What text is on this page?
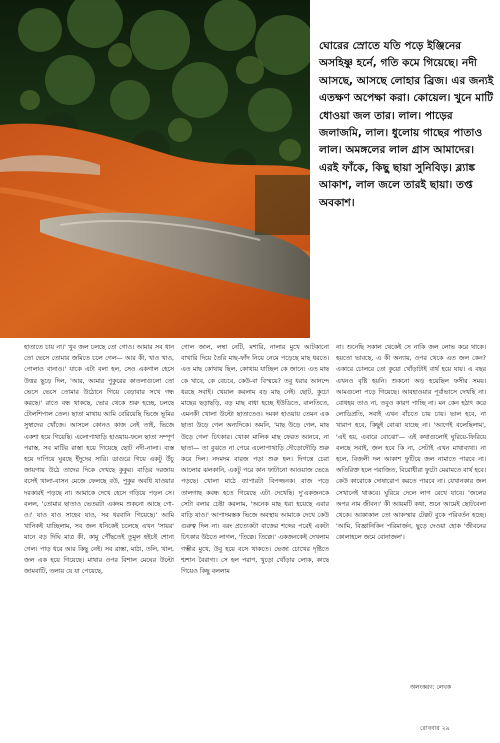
ঘোরের স্রোতে যতি পড়ে ইঞ্জিনের অসহিষ্ণু হর্নে, গতি কমে গিয়েছে। নদী আসছে, আসছে লোহার ব্রিজ। এর জন্যই এতক্ষণ অপেক্ষা করা। কোয়েল। খুনে মাটি ধোওয়া জল তার। লাল। পাড়ের জলাজমি, লাল। ধুলোয় গাছের পাতাও লাল। অমঙ্গলের লাল গ্রাস আমাদের। এরই ফাঁকে, কিছু ছায়া সুনিবিড়। ব্ল্যাঙ্ক আকাশ, লাল জলে তারই ছায়া। তপ্ত অবকাশ।
হাতাতে চায় না।' খুব জল চলছে তো গোও। আমার সব ধান তো ভেসে তোমার জমিতে চলে গেল— আর কী, খাও খাও, পোলাও বানাও।' যাকে এটা বলা হল, সেও একগাল হেসে উত্তর ছুড়ে দিল, 'আর, আমার পুকুরের কাতলাগুলো তো ভেসে ভেসে তোমার উঠোনে গিয়ে বেড়াবার সখে গন্ধ করছে।' রাতে বন্ধ থাকছে, ভোর থেকে শুরু হচ্ছে, চলছে টোলশিপাল তেল। ছাতা মাথায় আমি বেরিয়েছি ভিজে ভূমির সুস্বাদের খোঁজে। আসলে কোনও কাজ নেই তাই, ভিজে একশা হয়ে গিয়েছি। এলোপাথাড়ি হাওয়ায়-ফলে ছাতা সম্পূর্ণ পরাস্ত, সব মাটির রাস্তা হয়ে গিয়েছে ছোট নদী-নালা। ব্যস্ত হয়ে দাপিয়ে ঘুরছে ইঁদুদের সারি। ডাগুরে গিয়ে একটু উঁচু জায়গায় উঠে তাদের দিকে দেখছে কুকুর। বাড়ির দরজায় বসেই খালা-বাসন মেজে ফেলছে বউ, পুকুর অবধি যাওয়ার দরকারই পড়ছে না। আমাকে দেখে হেসে গড়িয়ে পড়ল সে। বলল, 'তোমার ছাতাও ভেতরটা একদম শুকনো আছে গো-ও।' যাও যাও সাহেব যাও, সব ধরবানি গিয়েছে।' আমি খানিকই যাচ্ছিলাম, সব জল ধনিকেই চলেছে এখন 'সায়র' মানে বড় দিঘি মাত্র কী, কামু পৌঁছতেই তুমুল হইচই শোনা গেল। পাড় ধরে আর কিছু নেই। সব রাস্তা, মাঠা, তলি, খাল, জল এক হয়ে গিয়েছে। মাথার ওপর বিশাল মেঘের উল্টো জামবাটি, তলায় যে যা পেয়েছে,
গোল জাল, লম্বা নেটি, মশারি, নালার মুখে আটকানো বাখারি দিয়ে তৈরি মাছ-ফাঁদ নিয়ে নেমে পড়েছে মাছ ধরতে। এত মাছ কোথায় ছিল, কোথায় যাচ্ছিল কে জানে। এত মাছ কে খাবে, কে বেচবে, কেউ-বা বিস্ময়ে? তবু ধরার আনন্দে ধরছে সবাই। খেয়াল করলাম বড় মাছ নেই। ছোট, কুচো মাছের ছড়াছড়ি, বড় মাছ বাধা হচ্ছে ইউডিতে, বালতিতে, এমনকী খোলা উল্টো ছাতাতেও। দমকা হাওয়ায় তেমন এক ছাতা উড়ে গেল অন্যদিকে। অমনি, 'মাছ উড়ে গেল, মাছ উড়ে গেল' চিৎকার। খোকা মালিক মাছ ফেরত আনবে, না ছাতা— তা বুঝতে না পেরে এলোপাথাড়ি দৌড়োদৌড়ি শুরু করে দিল। নদমদম বারজ পড়া শুরু হল। দিগন্তে চেরা আলোর ঝলকানি, একটু পরে কান ফাটানো আওয়াজ ভেঙে পড়ছে। খোলা মাঠে ব্যাপারটা বিপজ্জনক। বাজ পড়ে তালগাছ কবন্ধ হতে গিয়েছে এটা দেখেছি। দু'একজনকে সেটা বলার চেষ্টা করলাম, 'অনেক মাছ ধরা হয়েছে এবার বাড়ি যাও।' আপাদমস্তক ভিজে অবস্থায় আমাকে দেখে কেউ গুরুত্ব দিল না। বরং প্রত্যেকটা বাজের শব্দের পরেই একটা চিৎকার উঠতে লাগল, 'তিক্কে। তিক্কে।' একজনকেই দেখলাম গম্ভীর মুখে, উবু হয়ে বসে থাকতে। ভেজা চোখের দৃষ্টিতে শ্মশান বৈরাগ্য। সে হল পরাণ, খুড়ো খোঁড়ার লোক, কাছে গিয়েও কিছু বললাম
না। শুনেছি সকাল থেকেই সে নাকি জল লোভ করে থাকে। হয়তো ভাবছে, এ কী অন্যায়, ওপর থেকে এত জল কেন? একারে চোলরে তো কুয়ো খোঁড়াটাই বার্থ হয়ে যায়। এ বছর এখনও বৃষ্টি হয়নি। শুকনো অড় হয়েছিল ফসীর সময়। আমগুলো পড়ে গিয়েছে। আবহাওয়ার পূর্বাভাসে দেখছি না। বোধহয় তাও না, তবুও কারণ পাচ্ছি না। মন কেন হঠাৎ করে লোডিপ্রতি, সবাই এখন বাঁচতে চায় চায়। ভাল হবে, না খারাপ হবে, কিছুই বোঝা যাচ্ছে না। 'আগেই বলেছিলাম', 'এই হয়, এবারে বোঝো'— এই কথাগুলোই ঘুরিয়ে-ফিরিয়ে বলছে সবাই, জল হবে কি না, সেটাই এখন মাথাব্যথা। না হলে, বিজলী দল আকাশ ফুটিয়ে জল নামাতে পারবে না। অতিরিক্ত হলে পরাজিত, বিরোধীরা ফুটো মেরামতে বার্থ হবে। কেউ কারোকে দোষারোপ করতে পারবে না। যেখানকার জল সেখানেই থাকবে। ঘুরিয়ে দেলে লাগ রেখে যাবে। 'জলের অপর নাম জীবন।' কী আয়মটি কথা, শুনে আমেই ছোটবেলা থেকে। আকাকাল তো আকস্মার টেক্কট বুকে পরিবর্তন হচ্ছে। 'আমি, বিজ্ঞানিকিন পরিমার্জন, ছুড়ে দেওয়া হোক 'জীবনের কোলাহলে জমে বোনাজল'।
অলংকরণ: লেখক
রোববার ২৯
